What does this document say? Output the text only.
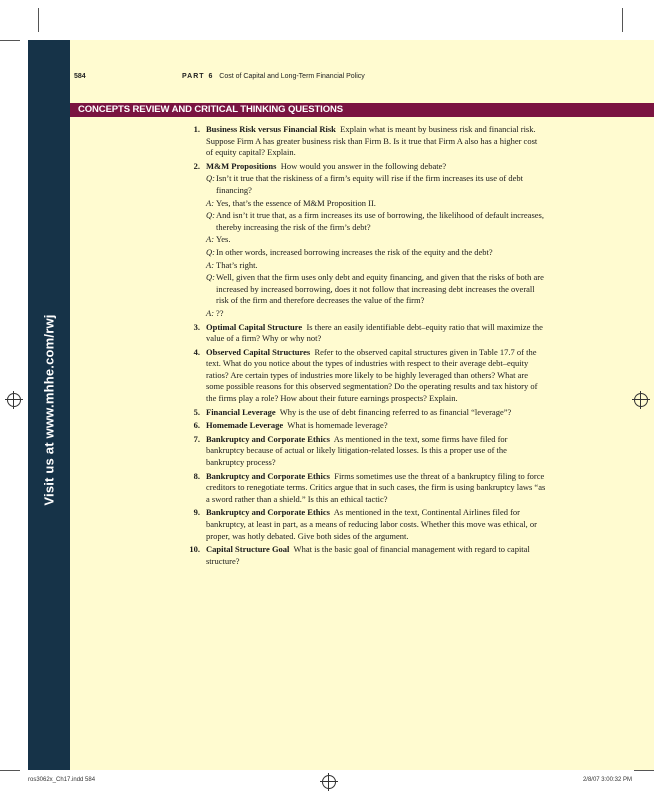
Visit us at www.mhhe.com/rwj
584	PART 6 Cost of Capital and Long-Term Financial Policy
CONCEPTS REVIEW AND CRITICAL THINKING QUESTIONS
1. Business Risk versus Financial Risk Explain what is meant by business risk and financial risk. Suppose Firm A has greater business risk than Firm B. Is it true that Firm A also has a higher cost of equity capital? Explain.
2. M&M Propositions How would you answer in the following debate?
Q: Isn’t it true that the riskiness of a firm’s equity will rise if the firm increases its use of debt financing?
A: Yes, that’s the essence of M&M Proposition II.
Q: And isn’t it true that, as a firm increases its use of borrowing, the likelihood of default increases, thereby increasing the risk of the firm’s debt?
A: Yes.
Q: In other words, increased borrowing increases the risk of the equity and the debt?
A: That’s right.
Q: Well, given that the firm uses only debt and equity financing, and given that the risks of both are increased by increased borrowing, does it not follow that increasing debt increases the overall risk of the firm and therefore decreases the value of the firm?
A: ??
3. Optimal Capital Structure Is there an easily identifiable debt–equity ratio that will maximize the value of a firm? Why or why not?
4. Observed Capital Structures Refer to the observed capital structures given in Table 17.7 of the text. What do you notice about the types of industries with respect to their average debt–equity ratios? Are certain types of industries more likely to be highly leveraged than others? What are some possible reasons for this observed segmentation? Do the operating results and tax history of the firms play a role? How about their future earnings prospects? Explain.
5. Financial Leverage Why is the use of debt financing referred to as financial “leverage”?
6. Homemade Leverage What is homemade leverage?
7. Bankruptcy and Corporate Ethics As mentioned in the text, some firms have filed for bankruptcy because of actual or likely litigation-related losses. Is this a proper use of the bankruptcy process?
8. Bankruptcy and Corporate Ethics Firms sometimes use the threat of a bankruptcy filing to force creditors to renegotiate terms. Critics argue that in such cases, the firm is using bankruptcy laws “as a sword rather than a shield.” Is this an ethical tactic?
9. Bankruptcy and Corporate Ethics As mentioned in the text, Continental Airlines filed for bankruptcy, at least in part, as a means of reducing labor costs. Whether this move was ethical, or proper, was hotly debated. Give both sides of the argument.
10. Capital Structure Goal What is the basic goal of financial management with regard to capital structure?
ros3062x_Ch17.indd 584	2/8/07 3:00:32 PM
